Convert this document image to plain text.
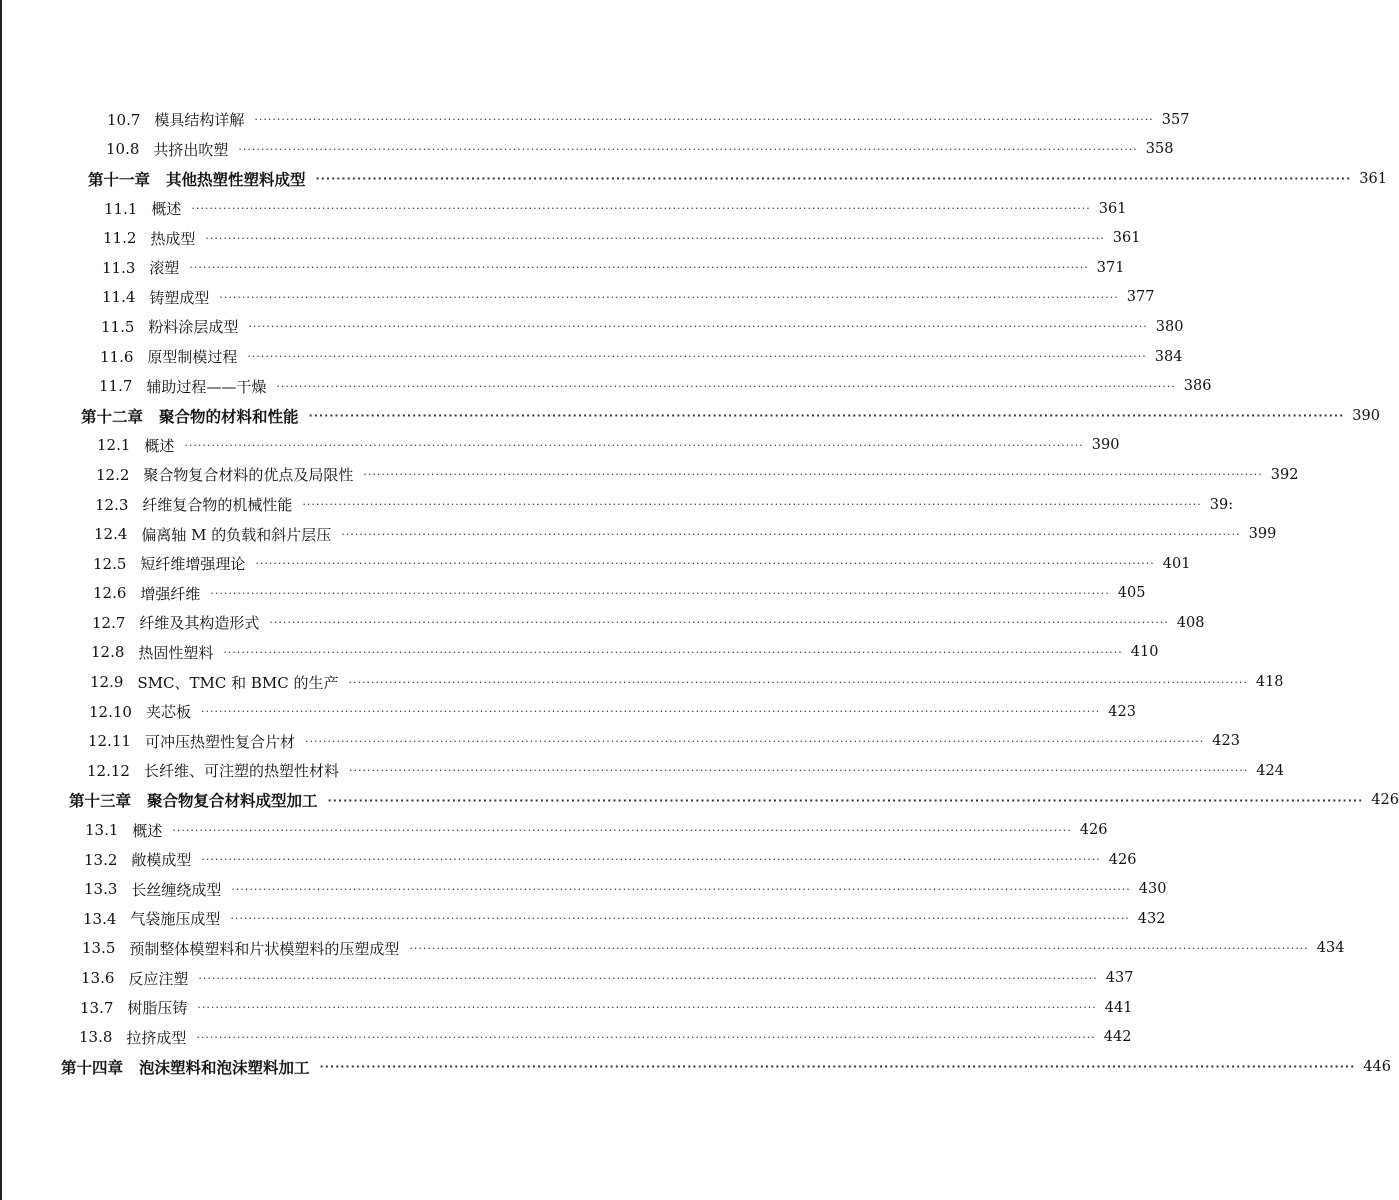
10.7 模具结构详解 ········································································································································································································ 357
10.8 共挤出吹塑 ········································································································································································································ 358
第十一章 其他热塑性塑料成型 ········································································································································································································ 361
11.1 概述 ········································································································································································································ 361
11.2 热成型 ········································································································································································································ 361
11.3 滚塑 ········································································································································································································ 371
11.4 铸塑成型 ········································································································································································································ 377
11.5 粉料涂层成型 ········································································································································································································ 380
11.6 原型制模过程 ········································································································································································································ 384
11.7 辅助过程——干燥 ········································································································································································································ 386
第十二章 聚合物的材料和性能 ········································································································································································································ 390
12.1 概述 ········································································································································································································ 390
12.2 聚合物复合材料的优点及局限性 ········································································································································································································ 392
12.3 纤维复合物的机械性能 ········································································································································································································ 39:
12.4 偏离轴 M 的负载和斜片层压 ········································································································································································································ 399
12.5 短纤维增强理论 ········································································································································································································ 401
12.6 增强纤维 ········································································································································································································ 405
12.7 纤维及其构造形式 ········································································································································································································ 408
12.8 热固性塑料 ········································································································································································································ 410
12.9 SMC、TMC 和 BMC 的生产 ········································································································································································································ 418
12.10 夹芯板 ········································································································································································································ 423
12.11 可冲压热塑性复合片材 ········································································································································································································ 423
12.12 长纤维、可注塑的热塑性材料 ········································································································································································································ 424
第十三章 聚合物复合材料成型加工 ········································································································································································································ 426
13.1 概述 ········································································································································································································ 426
13.2 敞模成型 ········································································································································································································ 426
13.3 长丝缠绕成型 ········································································································································································································ 430
13.4 气袋施压成型 ········································································································································································································ 432
13.5 预制整体模塑料和片状模塑料的压塑成型 ········································································································································································································ 434
13.6 反应注塑 ········································································································································································································ 437
13.7 树脂压铸 ········································································································································································································ 441
13.8 拉挤成型 ········································································································································································································ 442
第十四章 泡沫塑料和泡沫塑料加工 ········································································································································································································ 446
